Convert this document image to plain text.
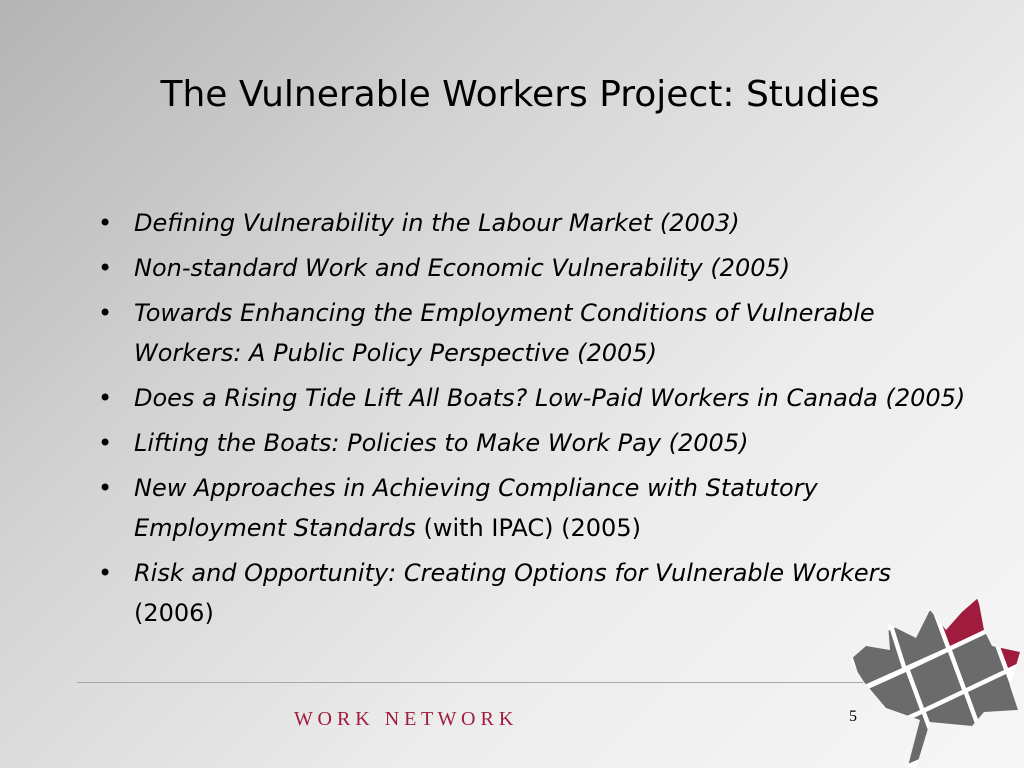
The Vulnerable Workers Project: Studies
• Defining Vulnerability in the Labour Market (2003)
• Non-standard Work and Economic Vulnerability (2005)
• Towards Enhancing the Employment Conditions of Vulnerable Workers: A Public Policy Perspective (2005)
• Does a Rising Tide Lift All Boats? Low-Paid Workers in Canada (2005)
• Lifting the Boats: Policies to Make Work Pay (2005)
• New Approaches in Achieving Compliance with Statutory Employment Standards (with IPAC) (2005)
• Risk and Opportunity: Creating Options for Vulnerable Workers (2006)
W O R K   N E T W O R K	5
